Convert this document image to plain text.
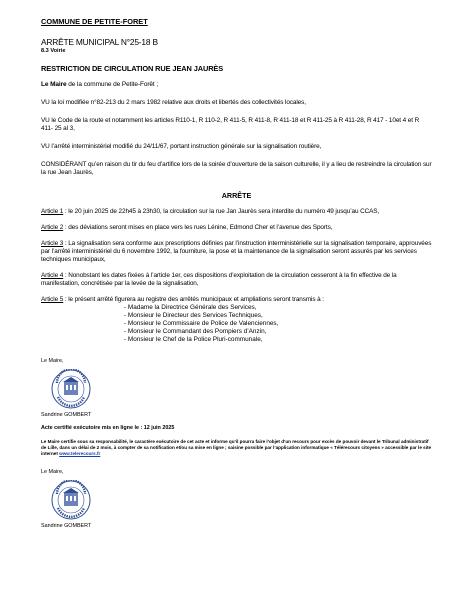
COMMUNE DE PETITE-FORET
ARRÊTE MUNICIPAL N°25-18 B
8.3 Voirie
RESTRICTION DE CIRCULATION RUE JEAN JAURÈS
Le Maire de la commune de Petite-Forêt ;
VU la loi modifiée n°82-213 du 2 mars 1982 relative aux droits et libertés des collectivités locales,
VU le Code de la route et notamment les articles R110-1, R 110-2, R 411-5, R 411-8, R 411-18 et R 411-25 à R 411-28, R 417 - 10et 4 et R 411- 25 al 3,
VU l’arrêté interministériel modifié du 24/11/67, portant instruction générale sur la signalisation routière,
CONSIDÉRANT qu’en raison du tir du feu d’artifice lors de la soirée d’ouverture de la saison culturelle, il y a lieu de restreindre la circulation sur la rue Jean Jaurès,
ARRÊTE
Article 1 : le 20 juin 2025 de 22h45 à 23h30, la circulation sur la rue Jan Jaurès sera interdite du numéro 49 jusqu’au CCAS,
Article 2 : des déviations seront mises en place vers les rues Lénine, Edmond Cher et l’avenue des Sports,
Article 3 : La signalisation sera conforme aux prescriptions définies par l’instruction interministérielle sur la signalisation temporaire, approuvées par l’arrêté interministériel du 6 novembre 1992, la fourniture, la pose et la maintenance de la signalisation seront assurés par les services techniques municipaux,
Article 4 : Nonobstant les dates fixées à l’article 1er, ces dispositions d’exploitation de la circulation cesseront à la fin effective de la manifestation, concrétisée par la levée de la signalisation,
Article 5 : le présent arrêté figurera au registre des arrêtés municipaux et ampliations seront transmis à :
- Madame la Directrice Générale des Services,
- Monsieur le Directeur des Services Techniques,
- Monsieur le Commissaire de Police de Valenciennes,
- Monsieur le Commandant des Pompiers d’Anzin,
- Monsieur le Chef de la Police Pluri-communale,
Le Maire,
Sandrine GOMBERT
Acte certifié exécutoire mis en ligne le : 12 juin 2025
Le Maire certifie sous sa responsabilité, le caractère exécutoire de cet acte et informe qu’il pourra faire l’objet d’un recours pour excès de pouvoir devant le Tribunal administratif de Lille, dans un délai de 2 mois, à compter de sa notification et/ou sa mise en ligne ; saisine possible par l’application informatique « Télérecours citoyens » accessible par le site internet www.telerecours.fr
Le Maire,
Sandrine GOMBERT
